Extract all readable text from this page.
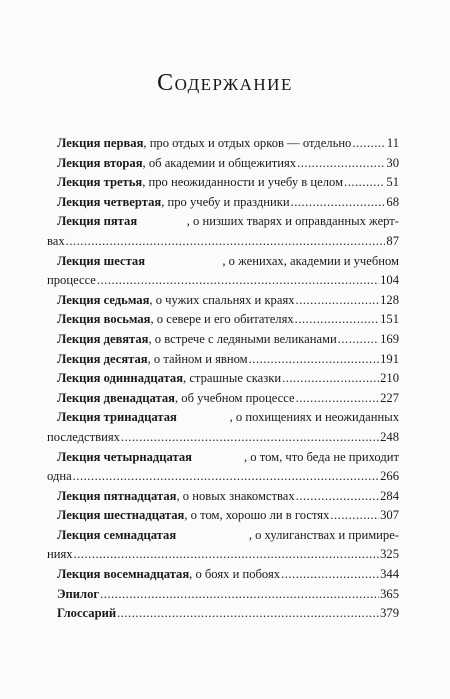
Содержание
Лекция первая , про отдых и отдых орков — отдельно .....	11
Лекция вторая , об академии и общежитиях .....	30
Лекция третья , про неожиданности и учебу в целом .....	51
Лекция четвертая , про учебу и праздники .....	68
Лекция пятая	, о низших тварях и оправданных жерт-
вах .....	87
Лекция шестая	, о женихах, академии и учебном
процессе .....	104
Лекция седьмая , о чужих спальнях и краях .....	128
Лекция восьмая , о севере и его обитателях .....	151
Лекция девятая , о встрече с ледяными великанами .....	169
Лекция десятая , о тайном и явном .....	191
Лекция одиннадцатая , страшные сказки .....	210
Лекция двенадцатая , об учебном процессе .....	227
Лекция тринадцатая	, о похищениях и неожиданных
последствиях .....	248
Лекция четырнадцатая	, о том, что беда не приходит
одна .....	266
Лекция пятнадцатая , о новых знакомствах .....	284
Лекция шестнадцатая , о том, хорошо ли в гостях .....	307
Лекция семнадцатая	, о хулиганствах и примире-
ниях .....	325
Лекция восемнадцатая , о боях и побоях .....	344
Эпилог .....	365
Глоссарий .....	379
